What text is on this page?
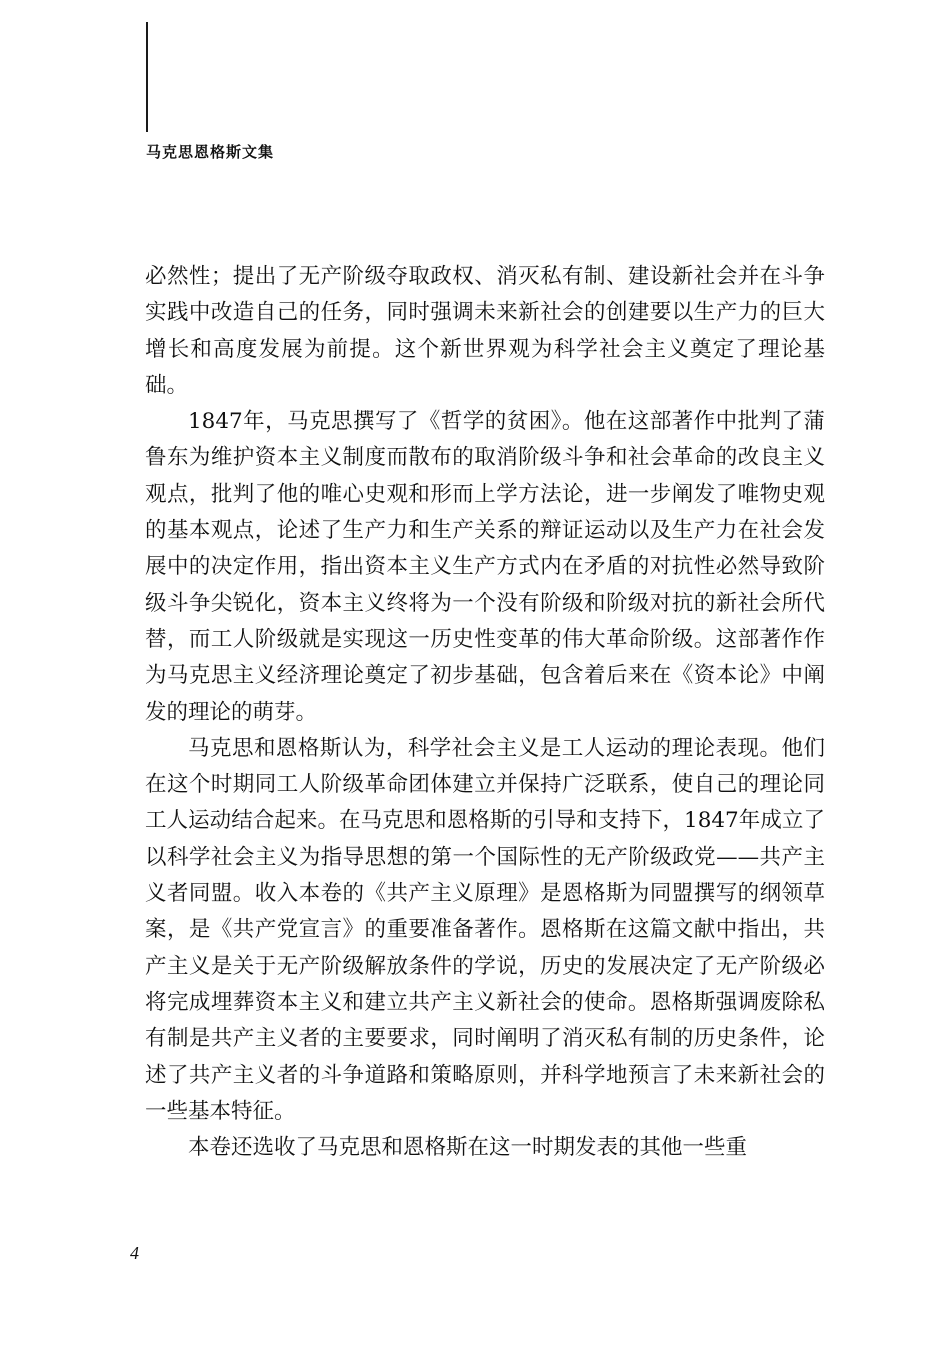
马克思恩格斯文集

必然性；提出了无产阶级夺取政权、消灭私有制、建设新社会并在斗争实践中改造自己的任务，同时强调未来新社会的创建要以生产力的巨大增长和高度发展为前提。这个新世界观为科学社会主义奠定了理论基础。

1847年，马克思撰写了《哲学的贫困》。他在这部著作中批判了蒲鲁东为维护资本主义制度而散布的取消阶级斗争和社会革命的改良主义观点，批判了他的唯心史观和形而上学方法论，进一步阐发了唯物史观的基本观点，论述了生产力和生产关系的辩证运动以及生产力在社会发展中的决定作用，指出资本主义生产方式内在矛盾的对抗性必然导致阶级斗争尖锐化，资本主义终将为一个没有阶级和阶级对抗的新社会所代替，而工人阶级就是实现这一历史性变革的伟大革命阶级。这部著作作为马克思主义经济理论奠定了初步基础，包含着后来在《资本论》中阐发的理论的萌芽。

马克思和恩格斯认为，科学社会主义是工人运动的理论表现。他们在这个时期同工人阶级革命团体建立并保持广泛联系，使自己的理论同工人运动结合起来。在马克思和恩格斯的引导和支持下，1847年成立了以科学社会主义为指导思想的第一个国际性的无产阶级政党——共产主义者同盟。收入本卷的《共产主义原理》是恩格斯为同盟撰写的纲领草案，是《共产党宣言》的重要准备著作。恩格斯在这篇文献中指出，共产主义是关于无产阶级解放条件的学说，历史的发展决定了无产阶级必将完成埋葬资本主义和建立共产主义新社会的使命。恩格斯强调废除私有制是共产主义者的主要要求，同时阐明了消灭私有制的历史条件，论述了共产主义者的斗争道路和策略原则，并科学地预言了未来新社会的一些基本特征。

本卷还选收了马克思和恩格斯在这一时期发表的其他一些重

4
